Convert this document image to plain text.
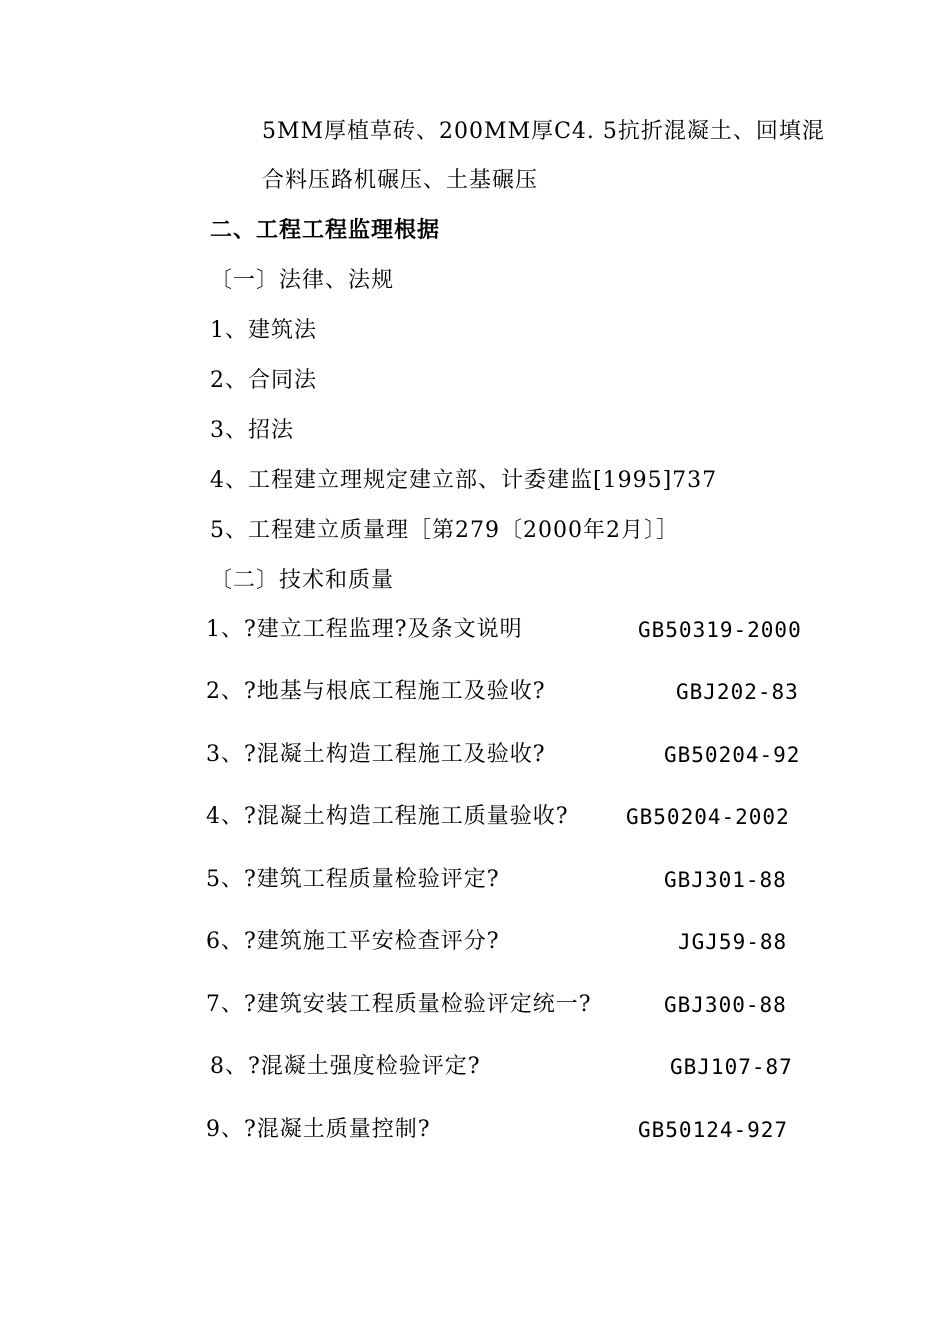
5MM厚植草砖、200MM厚C4. 5抗折混凝土、回填混
合料压路机碾压、土基碾压
二、工程工程监理根据
〔一〕法律、法规
1、建筑法
2、合同法
3、招法
4、工程建立理规定建立部、计委建监[1995]737
5、工程建立质量理［第279〔2000年2月〕］
〔二〕技术和质量
1、?建立工程监理?及条文说明	GB50319-2000
2、?地基与根底工程施工及验收?	GBJ202-83
3、?混凝土构造工程施工及验收?	GB50204-92
4、?混凝土构造工程施工质量验收?	GB50204-2002
5、?建筑工程质量检验评定?	GBJ301-88
6、?建筑施工平安检查评分?	JGJ59-88
7、?建筑安装工程质量检验评定统一?	GBJ300-88
8、?混凝土强度检验评定?	GBJ107-87
9、?混凝土质量控制?	GB50124-927
